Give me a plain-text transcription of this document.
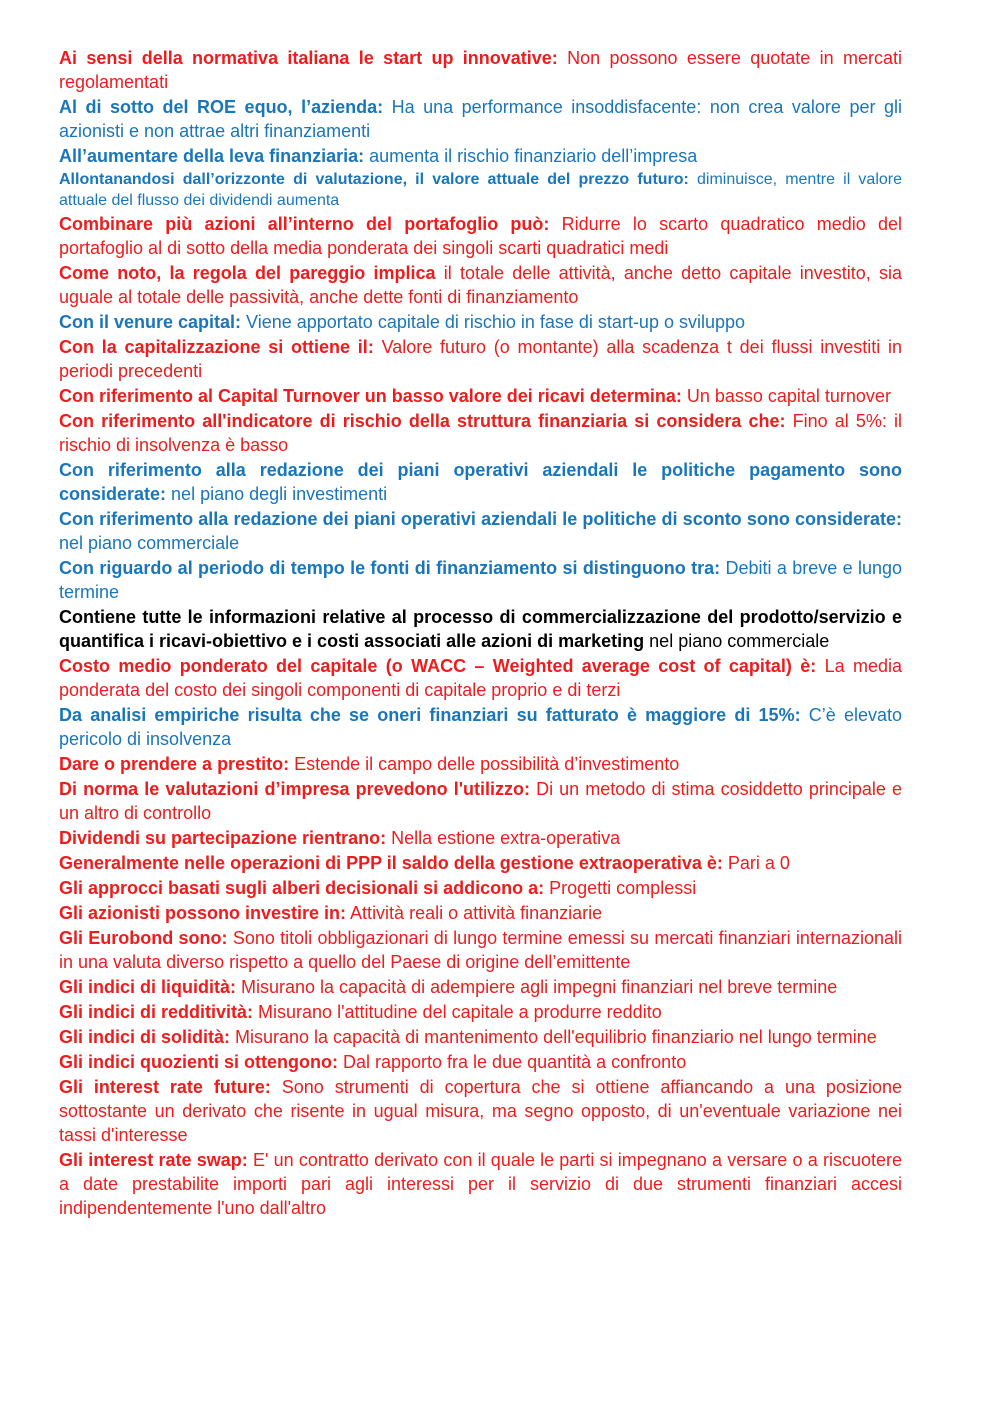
Ai sensi della normativa italiana le start up innovative: Non possono essere quotate in mercati regolamentati
Al di sotto del ROE equo, l’azienda: Ha una performance insoddisfacente: non crea valore per gli azionisti e non attrae altri finanziamenti
All’aumentare della leva finanziaria: aumenta il rischio finanziario dell’impresa
Allontanandosi dall’orizzonte di valutazione, il valore attuale del prezzo futuro: diminuisce, mentre il valore attuale del flusso dei dividendi aumenta
Combinare più azioni all’interno del portafoglio può: Ridurre lo scarto quadratico medio del portafoglio al di sotto della media ponderata dei singoli scarti quadratici medi
Come noto, la regola del pareggio implica il totale delle attività, anche detto capitale investito, sia uguale al totale delle passività, anche dette fonti di finanziamento
Con il venure capital: Viene apportato capitale di rischio in fase di start-up o sviluppo
Con la capitalizzazione si ottiene il: Valore futuro (o montante) alla scadenza t dei flussi investiti in periodi precedenti
Con riferimento al Capital Turnover un basso valore dei ricavi determina: Un basso capital turnover
Con riferimento all'indicatore di rischio della struttura finanziaria si considera che: Fino al 5%: il rischio di insolvenza è basso
Con riferimento alla redazione dei piani operativi aziendali le politiche pagamento sono considerate: nel piano degli investimenti
Con riferimento alla redazione dei piani operativi aziendali le politiche di sconto sono considerate: nel piano commerciale
Con riguardo al periodo di tempo le fonti di finanziamento si distinguono tra: Debiti a breve e lungo termine
Contiene tutte le informazioni relative al processo di commercializzazione del prodotto/servizio e quantifica i ricavi-obiettivo e i costi associati alle azioni di marketing nel piano commerciale
Costo medio ponderato del capitale (o WACC – Weighted average cost of capital) è: La media ponderata del costo dei singoli componenti di capitale proprio e di terzi
Da analisi empiriche risulta che se oneri finanziari su fatturato è maggiore di 15%: C’è elevato pericolo di insolvenza
Dare o prendere a prestito: Estende il campo delle possibilità d’investimento
Di norma le valutazioni d’impresa prevedono l'utilizzo: Di un metodo di stima cosiddetto principale e un altro di controllo
Dividendi su partecipazione rientrano: Nella estione extra-operativa
Generalmente nelle operazioni di PPP il saldo della gestione extraoperativa è: Pari a 0
Gli approcci basati sugli alberi decisionali si addicono a: Progetti complessi
Gli azionisti possono investire in: Attività reali o attività finanziarie
Gli Eurobond sono: Sono titoli obbligazionari di lungo termine emessi su mercati finanziari internazionali in una valuta diverso rispetto a quello del Paese di origine dell’emittente
Gli indici di liquidità: Misurano la capacità di adempiere agli impegni finanziari nel breve termine
Gli indici di redditività: Misurano l'attitudine del capitale a produrre reddito
Gli indici di solidità: Misurano la capacità di mantenimento dell'equilibrio finanziario nel lungo termine
Gli indici quozienti si ottengono: Dal rapporto fra le due quantità a confronto
Gli interest rate future: Sono strumenti di copertura che si ottiene affiancando a una posizione sottostante un derivato che risente in ugual misura, ma segno opposto, di un'eventuale variazione nei tassi d'interesse
Gli interest rate swap: E' un contratto derivato con il quale le parti si impegnano a versare o a riscuotere a date prestabilite importi pari agli interessi per il servizio di due strumenti finanziari accesi indipendentemente l'uno dall'altro
